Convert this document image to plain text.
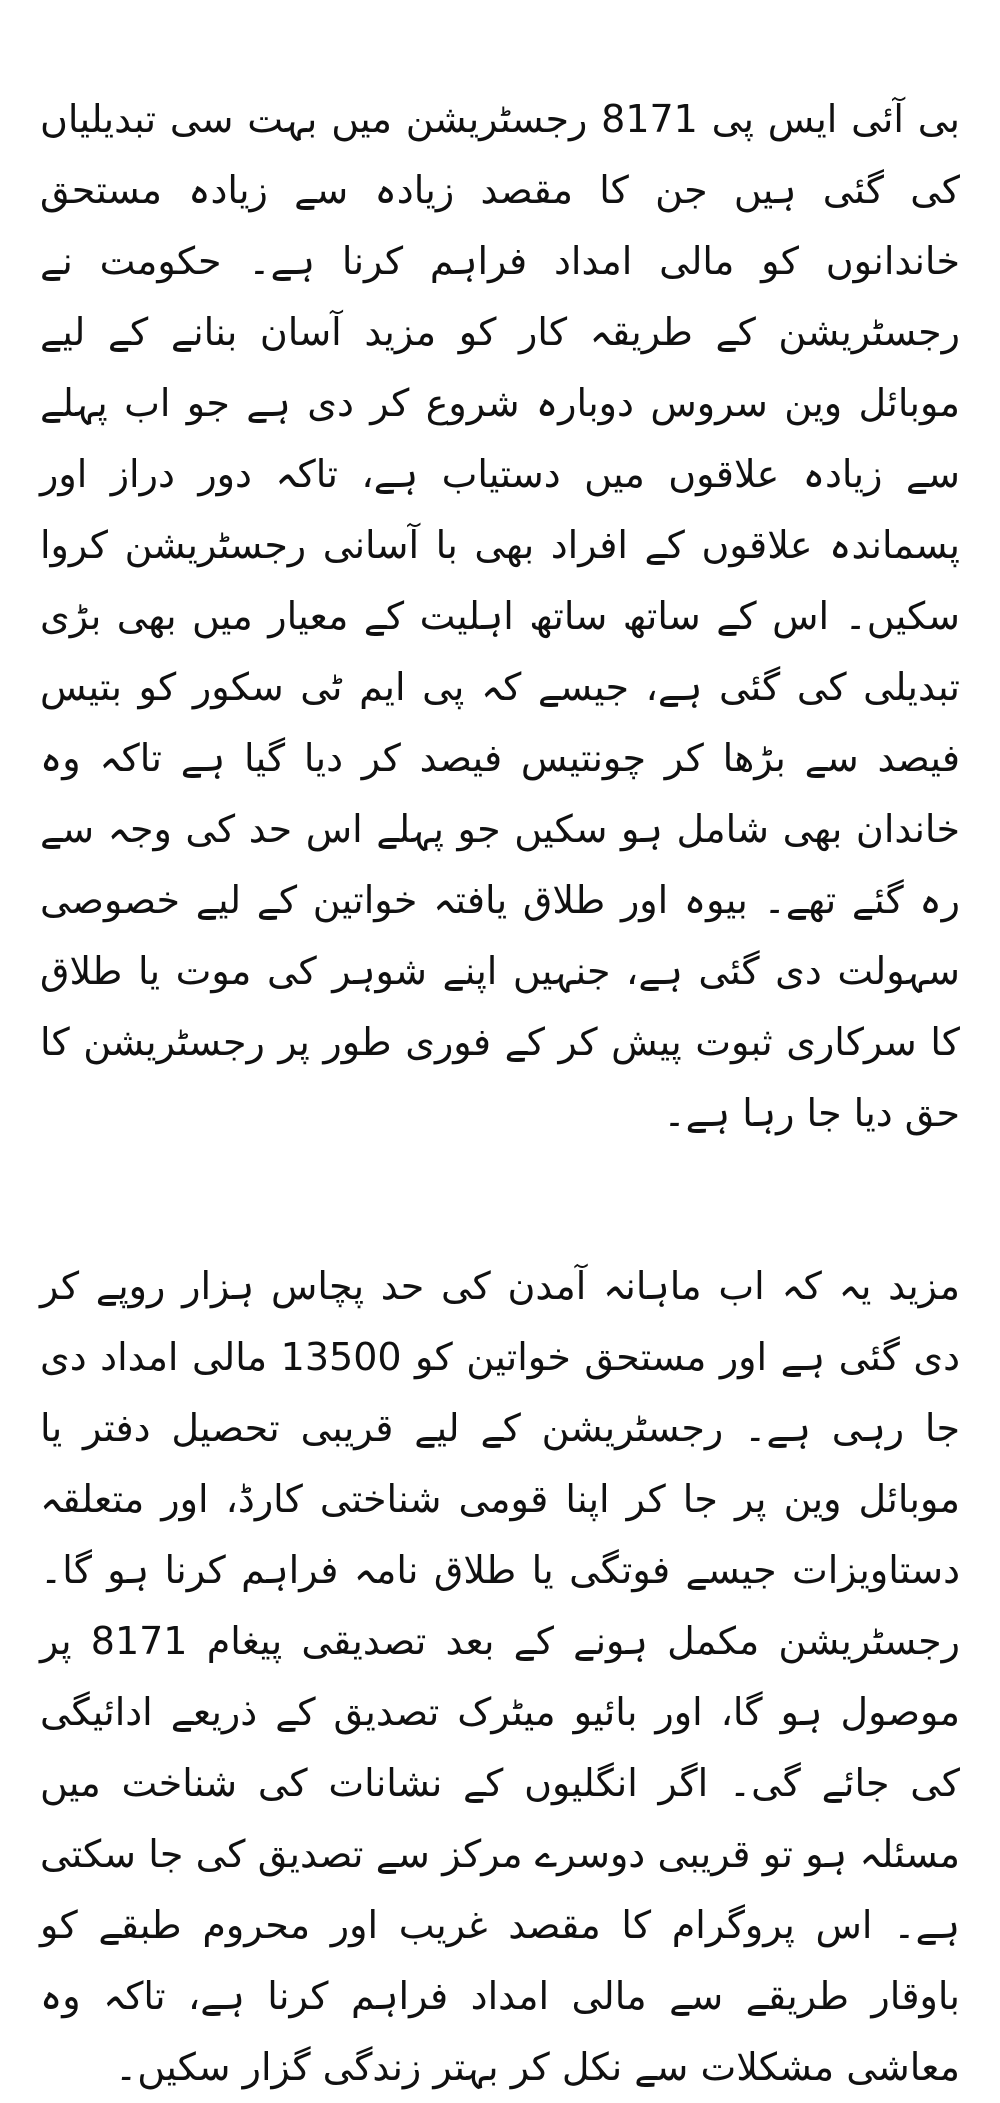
بی آئی ایس پی 8171 رجسٹریشن میں بہت سی تبدیلیاں کی گئی ہیں جن کا مقصد زیادہ سے زیادہ مستحق خاندانوں کو مالی امداد فراہم کرنا ہے۔ حکومت نے رجسٹریشن کے طریقہ کار کو مزید آسان بنانے کے لیے موبائل وین سروس دوبارہ شروع کر دی ہے جو اب پہلے سے زیادہ علاقوں میں دستیاب ہے، تاکہ دور دراز اور پسماندہ علاقوں کے افراد بھی با آسانی رجسٹریشن کروا سکیں۔ اس کے ساتھ ساتھ اہلیت کے معیار میں بھی بڑی تبدیلی کی گئی ہے، جیسے کہ پی ایم ٹی سکور کو بتیس فیصد سے بڑھا کر چونتیس فیصد کر دیا گیا ہے تاکہ وہ خاندان بھی شامل ہو سکیں جو پہلے اس حد کی وجہ سے رہ گئے تھے۔ بیوہ اور طلاق یافتہ خواتین کے لیے خصوصی سہولت دی گئی ہے، جنہیں اپنے شوہر کی موت یا طلاق کا سرکاری ثبوت پیش کر کے فوری طور پر رجسٹریشن کا حق دیا جا رہا ہے۔

مزید یہ کہ اب ماہانہ آمدن کی حد پچاس ہزار روپے کر دی گئی ہے اور مستحق خواتین کو 13500 مالی امداد دی جا رہی ہے۔ رجسٹریشن کے لیے قریبی تحصیل دفتر یا موبائل وین پر جا کر اپنا قومی شناختی کارڈ، اور متعلقہ دستاویزات جیسے فوتگی یا طلاق نامہ فراہم کرنا ہو گا۔ رجسٹریشن مکمل ہونے کے بعد تصدیقی پیغام 8171 پر موصول ہو گا، اور بائیو میٹرک تصدیق کے ذریعے ادائیگی کی جائے گی۔ اگر انگلیوں کے نشانات کی شناخت میں مسئلہ ہو تو قریبی دوسرے مرکز سے تصدیق کی جا سکتی ہے۔ اس پروگرام کا مقصد غریب اور محروم طبقے کو باوقار طریقے سے مالی امداد فراہم کرنا ہے، تاکہ وہ معاشی مشکلات سے نکل کر بہتر زندگی گزار سکیں۔
